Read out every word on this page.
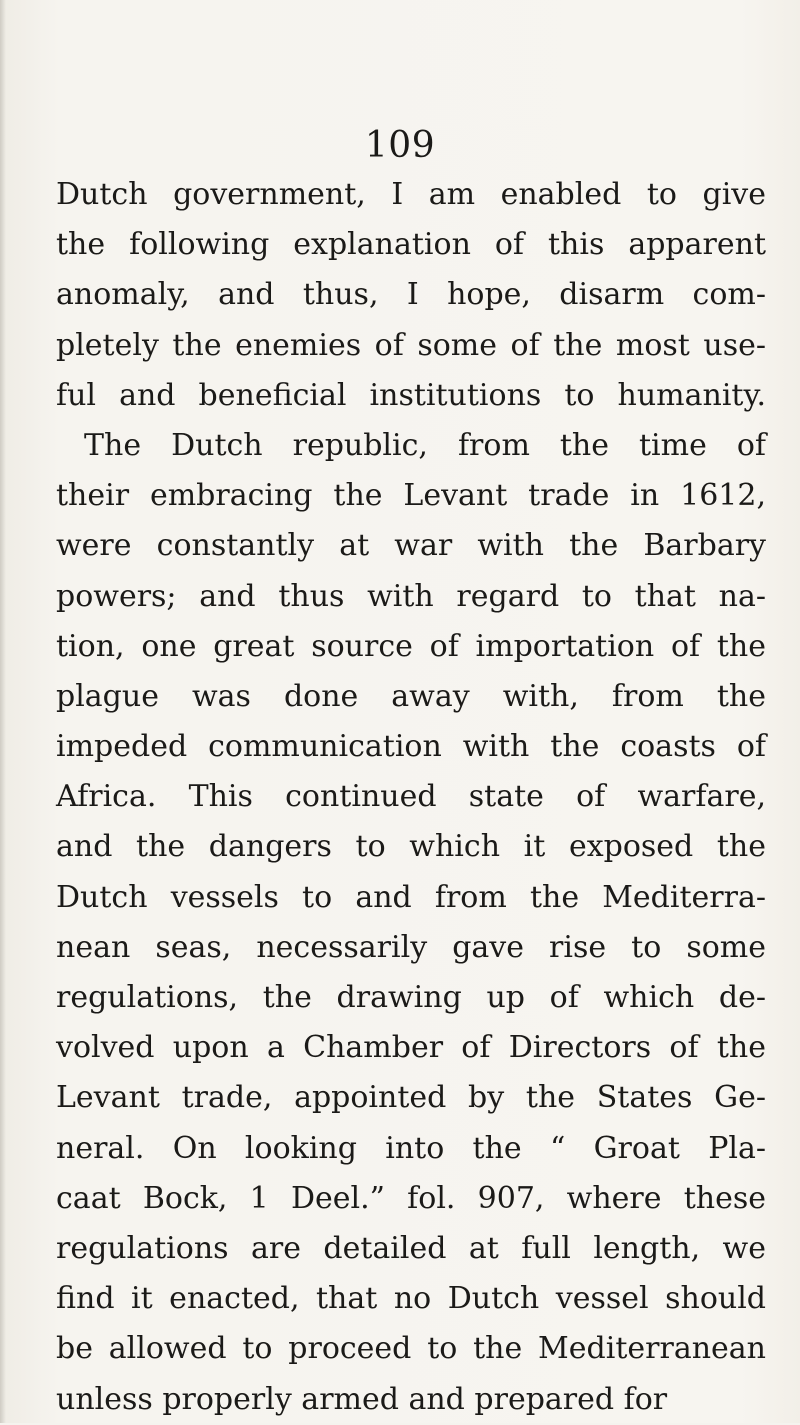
109
Dutch government, I am enabled to give
the following explanation of this apparent
anomaly, and thus, I hope, disarm com-
pletely the enemies of some of the most use-
ful and beneficial institutions to humanity.
The Dutch republic, from the time of
their embracing the Levant trade in 1612,
were constantly at war with the Barbary
powers; and thus with regard to that na-
tion, one great source of importation of the
plague was done away with, from the
impeded communication with the coasts of
Africa. This continued state of warfare,
and the dangers to which it exposed the
Dutch vessels to and from the Mediterra-
nean seas, necessarily gave rise to some
regulations, the drawing up of which de-
volved upon a Chamber of Directors of the
Levant trade, appointed by the States Ge-
neral. On looking into the “ Groat Pla-
caat Bock, 1 Deel.” fol. 907, where these
regulations are detailed at full length, we
find it enacted, that no Dutch vessel should
be allowed to proceed to the Mediterranean
unless properly armed and prepared for
